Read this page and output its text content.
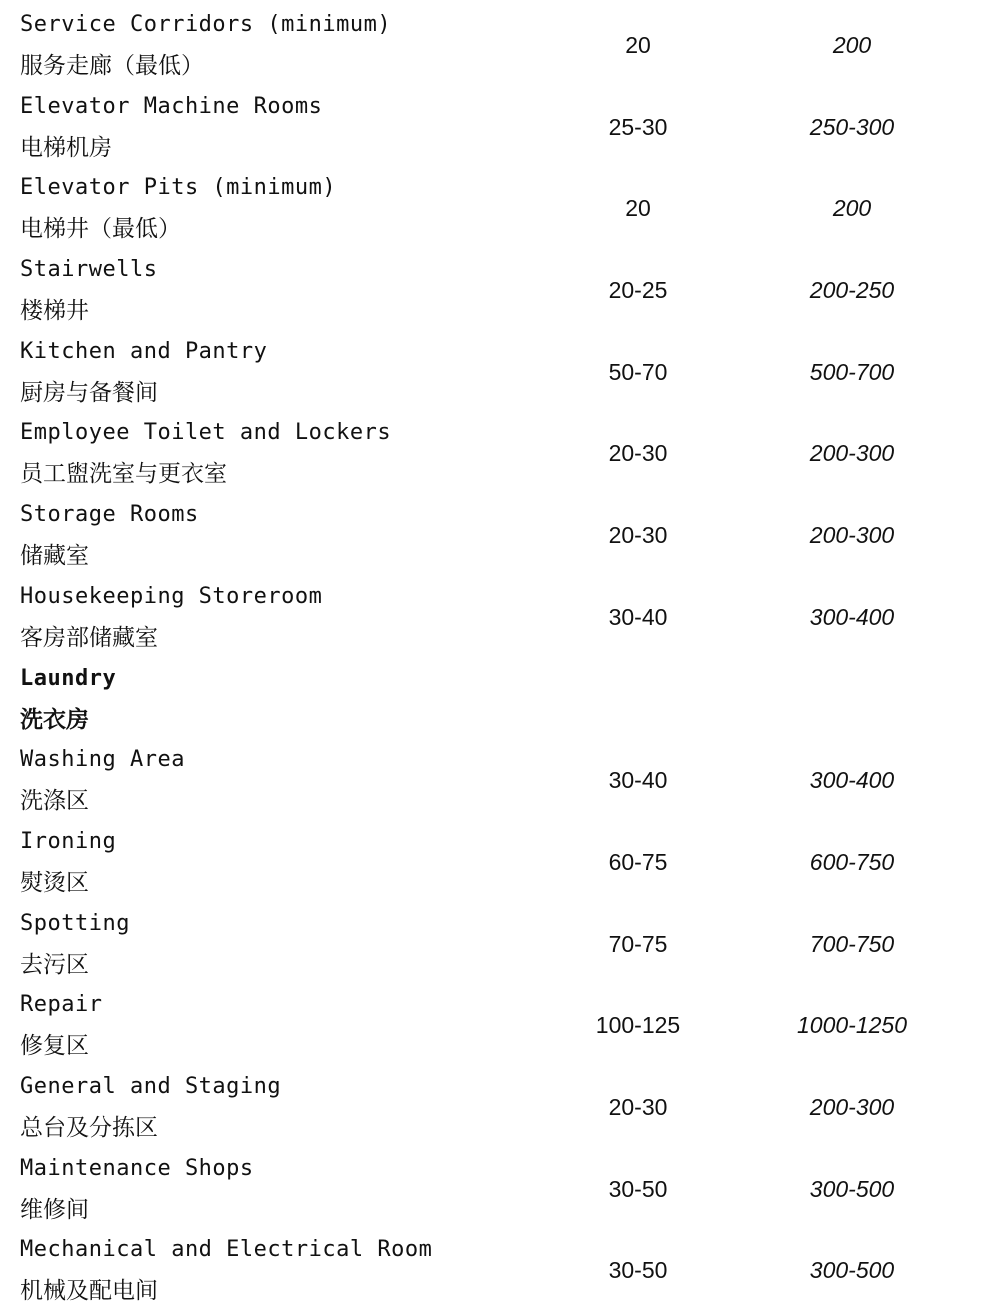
Service Corridors (minimum)
服务走廊（最低）
20	200
Elevator Machine Rooms
电梯机房
25-30	250-300
Elevator Pits (minimum)
电梯井（最低）
20	200
Stairwells
楼梯井
20-25	200-250
Kitchen and Pantry
厨房与备餐间
50-70	500-700
Employee Toilet and Lockers
员工盥洗室与更衣室
20-30	200-300
Storage Rooms
储藏室
20-30	200-300
Housekeeping Storeroom
客房部储藏室
30-40	300-400
Laundry
洗衣房
Washing Area
洗涤区
30-40	300-400
Ironing
熨烫区
60-75	600-750
Spotting
去污区
70-75	700-750
Repair
修复区
100-125	1000-1250
General and Staging
总台及分拣区
20-30	200-300
Maintenance Shops
维修间
30-50	300-500
Mechanical and Electrical Room
机械及配电间
30-50	300-500
